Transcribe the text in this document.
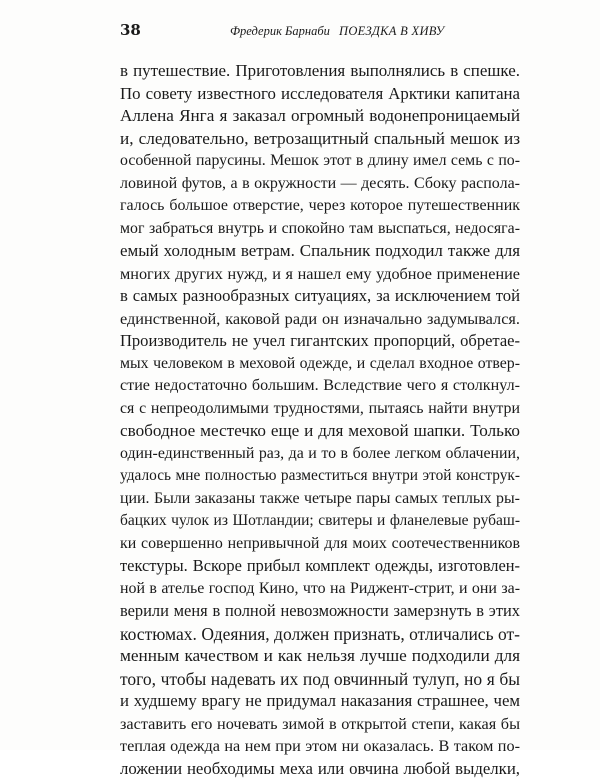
38	Фредерик Барнаби ПОЕЗДКА В ХИВУ
в путешествие. Приготовления выполнялись в спешке.
По совету известного исследователя Арктики капитана
Аллена Янга я заказал огромный водонепроницаемый
и, следовательно, ветрозащитный спальный мешок из
особенной парусины. Мешок этот в длину имел семь с по-
ловиной футов, а в окружности — десять. Сбоку распола-
галось большое отверстие, через которое путешественник
мог забраться внутрь и спокойно там выспаться, недосягa-
емый холодным ветрам. Спальник подходил также для
многих других нужд, и я нашел ему удобное применение
в самых разнообразных ситуациях, за исключением той
единственной, каковой ради он изначально задумывался.
Производитель не учел гигантских пропорций, обретае-
мых человеком в меховой одежде, и сделал входное отвер-
стие недостаточно большим. Вследствие чего я столкнул-
ся с непреодолимыми трудностями, пытаясь найти внутри
свободное местечко еще и для меховой шапки. Только
один-единственный раз, да и то в более легком облачении,
удалось мне полностью разместиться внутри этой конструк-
ции. Были заказаны также четыре пары самых теплых ры-
бацких чулок из Шотландии; свитеры и фланелевые рубаш-
ки совершенно непривычной для моих соотечественников
текстуры. Вскоре прибыл комплект одежды, изготовлен-
ной в ателье господ Кино, что на Риджент-стрит, и они за-
верили меня в полной невозможности замерзнуть в этих
костюмах. Одеяния, должен признать, отличались от-
менным качеством и как нельзя лучше подходили для
того, чтобы надевать их под овчинный тулуп, но я бы
и худшему врагу не придумал наказания страшнее, чем
заставить его ночевать зимой в открытой степи, какая бы
теплая одежда на нем при этом ни оказалась. В таком по-
ложении необходимы меха или овчина любой выделки,
